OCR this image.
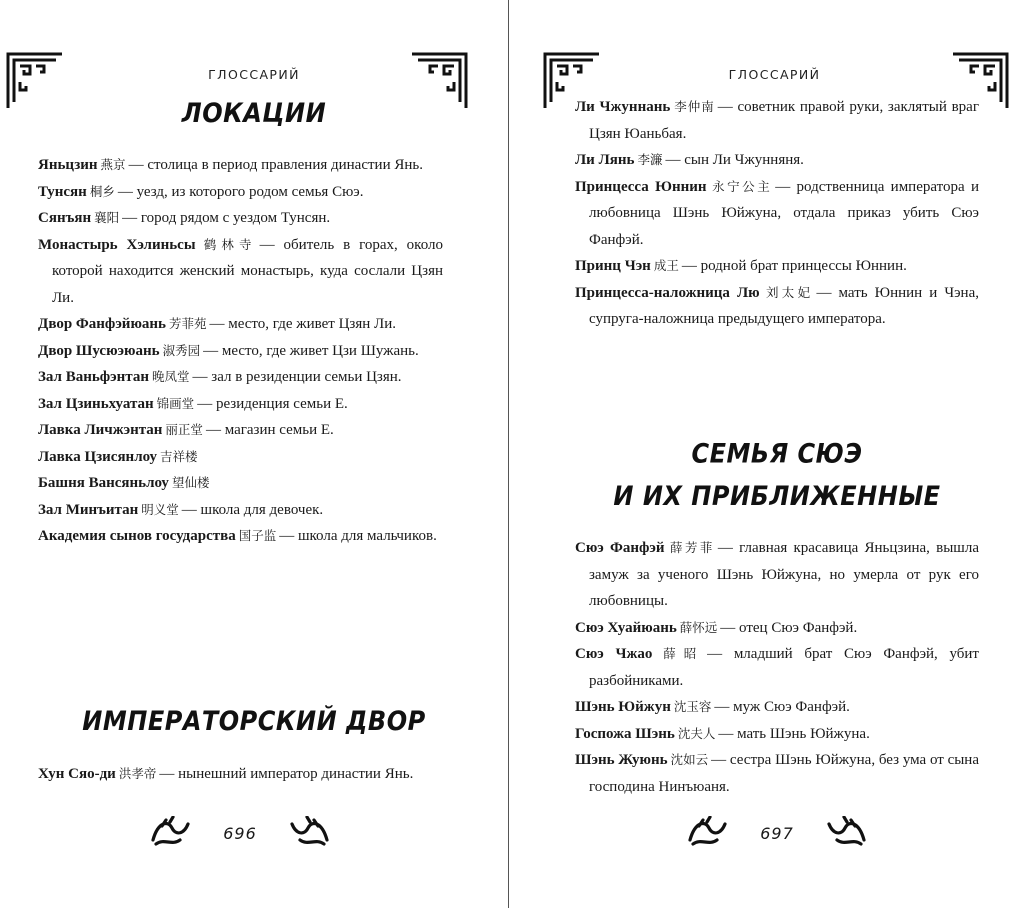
ГЛОССАРИЙ
ЛОКАЦИИ
Яньцзин 燕京 — столица в период правления династии Янь.
Тунсян 桐乡 — уезд, из которого родом семья Сюэ.
Сянъян 襄阳 — город рядом с уездом Тунсян.
Монастырь Хэлиньсы 鹤林寺 — обитель в горах, около которой находится женский монастырь, куда сослали Цзян Ли.
Двор Фанфэйюань 芳菲苑 — место, где живет Цзян Ли.
Двор Шусюэюань 淑秀园 — место, где живет Цзи Шужань.
Зал Ваньфэнтан 晚凤堂 — зал в резиденции семьи Цзян.
Зал Цзиньхуатан 锦画堂 — резиденция семьи Е.
Лавка Личжэнтан 丽正堂 — магазин семьи Е.
Лавка Цзисянлоу 吉祥楼
Башня Вансяньлоу 望仙楼
Зал Минъитан 明义堂 — школа для девочек.
Академия сынов государства 国子监 — школа для мальчиков.
ИМПЕРАТОРСКИЙ ДВОР
Хун Сяо-ди 洪孝帝 — нынешний император династии Янь.
696
ГЛОССАРИЙ
Ли Чжуннань 李仲南 — советник правой руки, заклятый враг Цзян Юаньбая.
Ли Лянь 李濂 — сын Ли Чжунняня.
Принцесса Юннин 永宁公主 — родственница императора и любовница Шэнь Юйжуна, отдала приказ убить Сюэ Фанфэй.
Принц Чэн 成王 — родной брат принцессы Юннин.
Принцесса-наложница Лю 刘太妃 — мать Юннин и Чэна, супруга-наложница предыдущего императора.
СЕМЬЯ СЮЭ
И ИХ ПРИБЛИЖЕННЫЕ
Сюэ Фанфэй 薛芳菲 — главная красавица Яньцзина, вышла замуж за ученого Шэнь Юйжуна, но умерла от рук его любовницы.
Сюэ Хуайюань 薛怀远 — отец Сюэ Фанфэй.
Сюэ Чжао 薛昭 — младший брат Сюэ Фанфэй, убит разбойниками.
Шэнь Юйжун 沈玉容 — муж Сюэ Фанфэй.
Госпожа Шэнь 沈夫人 — мать Шэнь Юйжуна.
Шэнь Жуюнь 沈如云 — сестра Шэнь Юйжуна, без ума от сына господина Нинъюаня.
697
